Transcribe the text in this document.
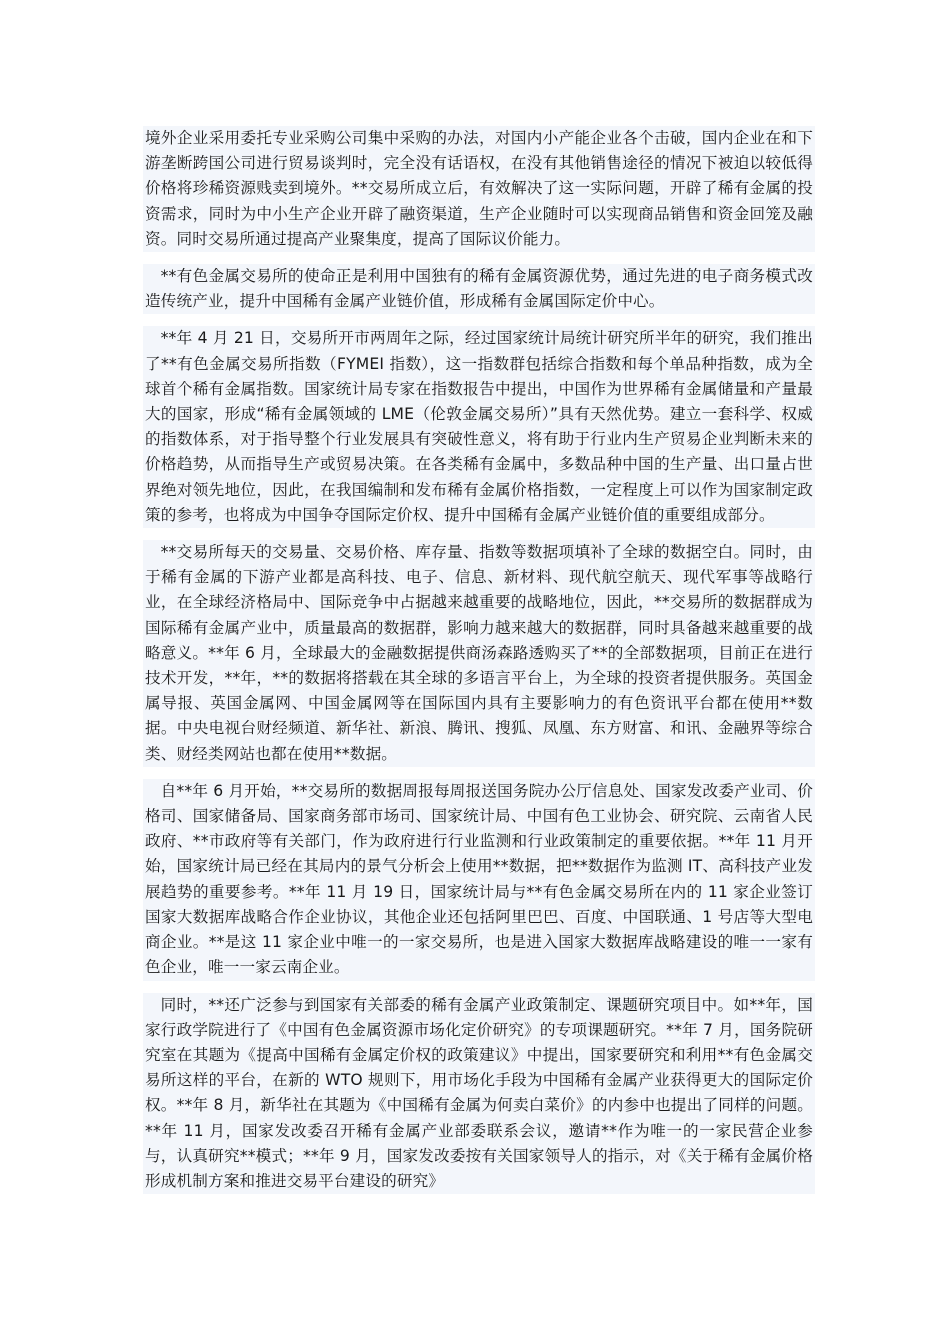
境外企业采用委托专业采购公司集中采购的办法，对国内小产能企业各个击破，国内企业在和下游垄断跨国公司进行贸易谈判时，完全没有话语权，在没有其他销售途径的情况下被迫以较低得价格将珍稀资源贱卖到境外。**交易所成立后，有效解决了这一实际问题，开辟了稀有金属的投资需求，同时为中小生产企业开辟了融资渠道，生产企业随时可以实现商品销售和资金回笼及融资。同时交易所通过提高产业聚集度，提高了国际议价能力。

**有色金属交易所的使命正是利用中国独有的稀有金属资源优势，通过先进的电子商务模式改造传统产业，提升中国稀有金属产业链价值，形成稀有金属国际定价中心。

**年 4 月 21 日，交易所开市两周年之际，经过国家统计局统计研究所半年的研究，我们推出了**有色金属交易所指数（FYMEI 指数），这一指数群包括综合指数和每个单品种指数，成为全球首个稀有金属指数。国家统计局专家在指数报告中提出，中国作为世界稀有金属储量和产量最大的国家，形成“稀有金属领域的 LME（伦敦金属交易所）”具有天然优势。建立一套科学、权威的指数体系，对于指导整个行业发展具有突破性意义，将有助于行业内生产贸易企业判断未来的价格趋势，从而指导生产或贸易决策。在各类稀有金属中，多数品种中国的生产量、出口量占世界绝对领先地位，因此，在我国编制和发布稀有金属价格指数，一定程度上可以作为国家制定政策的参考，也将成为中国争夺国际定价权、提升中国稀有金属产业链价值的重要组成部分。

**交易所每天的交易量、交易价格、库存量、指数等数据项填补了全球的数据空白。同时，由于稀有金属的下游产业都是高科技、电子、信息、新材料、现代航空航天、现代军事等战略行业，在全球经济格局中、国际竞争中占据越来越重要的战略地位，因此，**交易所的数据群成为国际稀有金属产业中，质量最高的数据群，影响力越来越大的数据群，同时具备越来越重要的战略意义。**年 6 月，全球最大的金融数据提供商汤森路透购买了**的全部数据项，目前正在进行技术开发，**年，**的数据将搭载在其全球的多语言平台上，为全球的投资者提供服务。英国金属导报、英国金属网、中国金属网等在国际国内具有主要影响力的有色资讯平台都在使用**数据。中央电视台财经频道、新华社、新浪、腾讯、搜狐、凤凰、东方财富、和讯、金融界等综合类、财经类网站也都在使用**数据。

自**年 6 月开始，**交易所的数据周报每周报送国务院办公厅信息处、国家发改委产业司、价格司、国家储备局、国家商务部市场司、国家统计局、中国有色工业协会、研究院、云南省人民政府、**市政府等有关部门，作为政府进行行业监测和行业政策制定的重要依据。**年 11 月开始，国家统计局已经在其局内的景气分析会上使用**数据，把**数据作为监测 IT、高科技产业发展趋势的重要参考。**年 11 月 19 日，国家统计局与**有色金属交易所在内的 11 家企业签订国家大数据库战略合作企业协议，其他企业还包括阿里巴巴、百度、中国联通、1 号店等大型电商企业。**是这 11 家企业中唯一的一家交易所，也是进入国家大数据库战略建设的唯一一家有色企业，唯一一家云南企业。

同时，**还广泛参与到国家有关部委的稀有金属产业政策制定、课题研究项目中。如**年，国家行政学院进行了《中国有色金属资源市场化定价研究》的专项课题研究。**年 7 月，国务院研究室在其题为《提高中国稀有金属定价权的政策建议》中提出，国家要研究和利用**有色金属交易所这样的平台，在新的 WTO 规则下，用市场化手段为中国稀有金属产业获得更大的国际定价权。**年 8 月，新华社在其题为《中国稀有金属为何卖白菜价》的内参中也提出了同样的问题。**年 11 月，国家发改委召开稀有金属产业部委联系会议，邀请**作为唯一的一家民营企业参与，认真研究**模式；**年 9 月，国家发改委按有关国家领导人的指示，对《关于稀有金属价格形成机制方案和推进交易平台建设的研究》
